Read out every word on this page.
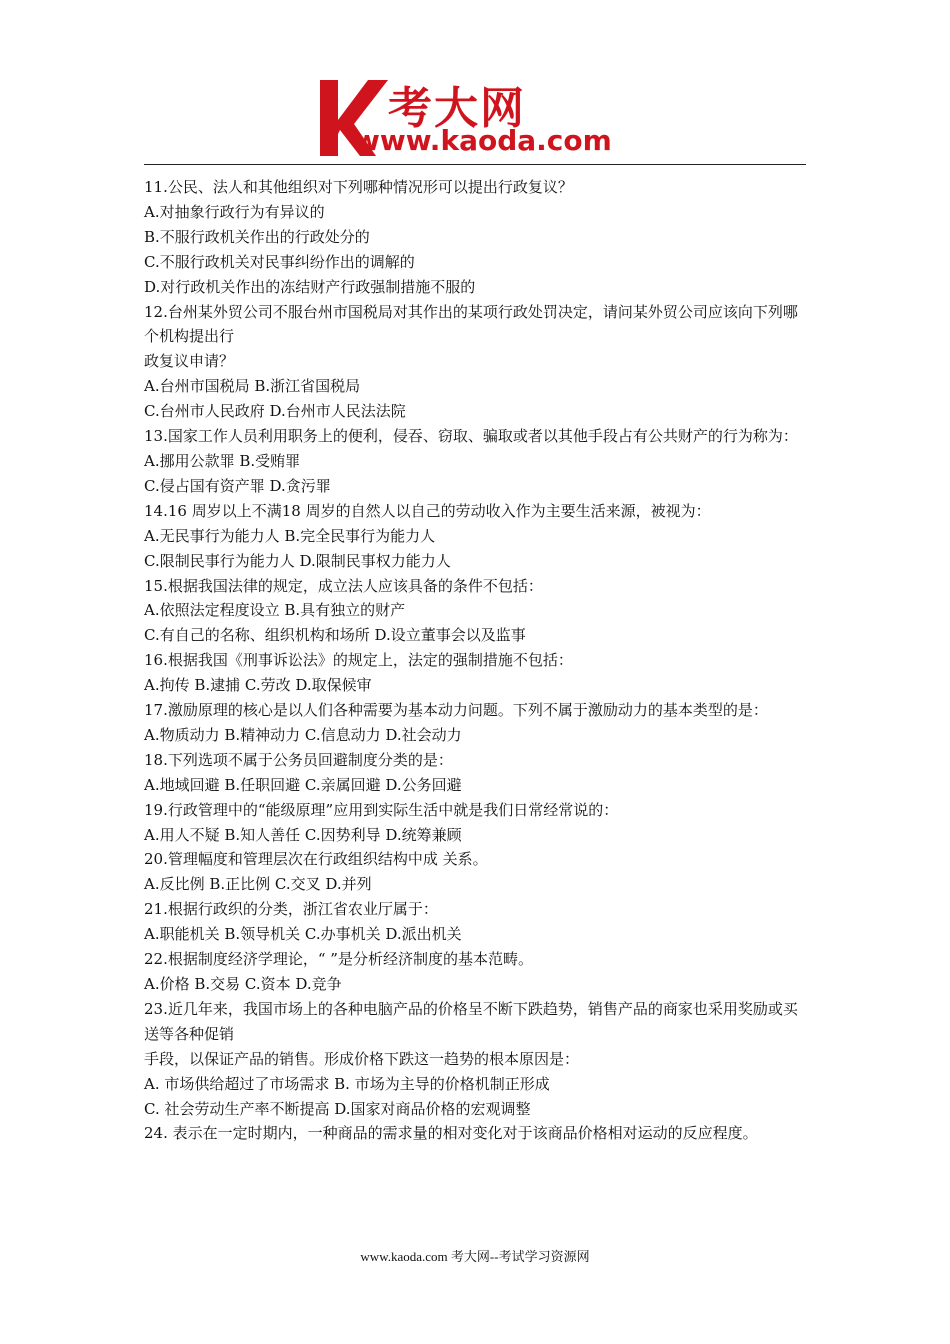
考大网
www.kaoda.com
11.公民、法人和其他组织对下列哪种情况形可以提出行政复议？
A.对抽象行政行为有异议的
B.不服行政机关作出的行政处分的
C.不服行政机关对民事纠纷作出的调解的
D.对行政机关作出的冻结财产行政强制措施不服的
12.台州某外贸公司不服台州市国税局对其作出的某项行政处罚决定，请问某外贸公司应该向下列哪个机构提出行
政复议申请？
A.台州市国税局 B.浙江省国税局
C.台州市人民政府 D.台州市人民法法院
13.国家工作人员利用职务上的便利，侵吞、窃取、骗取或者以其他手段占有公共财产的行为称为：
A.挪用公款罪 B.受贿罪
C.侵占国有资产罪 D.贪污罪
14.16 周岁以上不满18 周岁的自然人以自己的劳动收入作为主要生活来源，被视为：
A.无民事行为能力人 B.完全民事行为能力人
C.限制民事行为能力人 D.限制民事权力能力人
15.根据我国法律的规定，成立法人应该具备的条件不包括：
A.依照法定程度设立 B.具有独立的财产
C.有自己的名称、组织机构和场所 D.设立董事会以及监事
16.根据我国《刑事诉讼法》的规定上，法定的强制措施不包括：
A.拘传 B.逮捕 C.劳改 D.取保候审
17.激励原理的核心是以人们各种需要为基本动力问题。下列不属于激励动力的基本类型的是：
A.物质动力 B.精神动力 C.信息动力 D.社会动力
18.下列选项不属于公务员回避制度分类的是：
A.地域回避 B.任职回避 C.亲属回避 D.公务回避
19.行政管理中的“能级原理”应用到实际生活中就是我们日常经常说的：
A.用人不疑 B.知人善任 C.因势利导 D.统筹兼顾
20.管理幅度和管理层次在行政组织结构中成 关系。
A.反比例 B.正比例 C.交叉 D.并列
21.根据行政织的分类，浙江省农业厅属于：
A.职能机关 B.领导机关 C.办事机关 D.派出机关
22.根据制度经济学理论，“ ”是分析经济制度的基本范畴。
A.价格 B.交易 C.资本 D.竞争
23.近几年来，我国市场上的各种电脑产品的价格呈不断下跌趋势，销售产品的商家也采用奖励或买送等各种促销
手段，以保证产品的销售。形成价格下跌这一趋势的根本原因是：
A. 市场供给超过了市场需求 B. 市场为主导的价格机制正形成
C. 社会劳动生产率不断提高 D.国家对商品价格的宏观调整
24. 表示在一定时期内，一种商品的需求量的相对变化对于该商品价格相对运动的反应程度。
www.kaoda.com 考大网--考试学习资源网
